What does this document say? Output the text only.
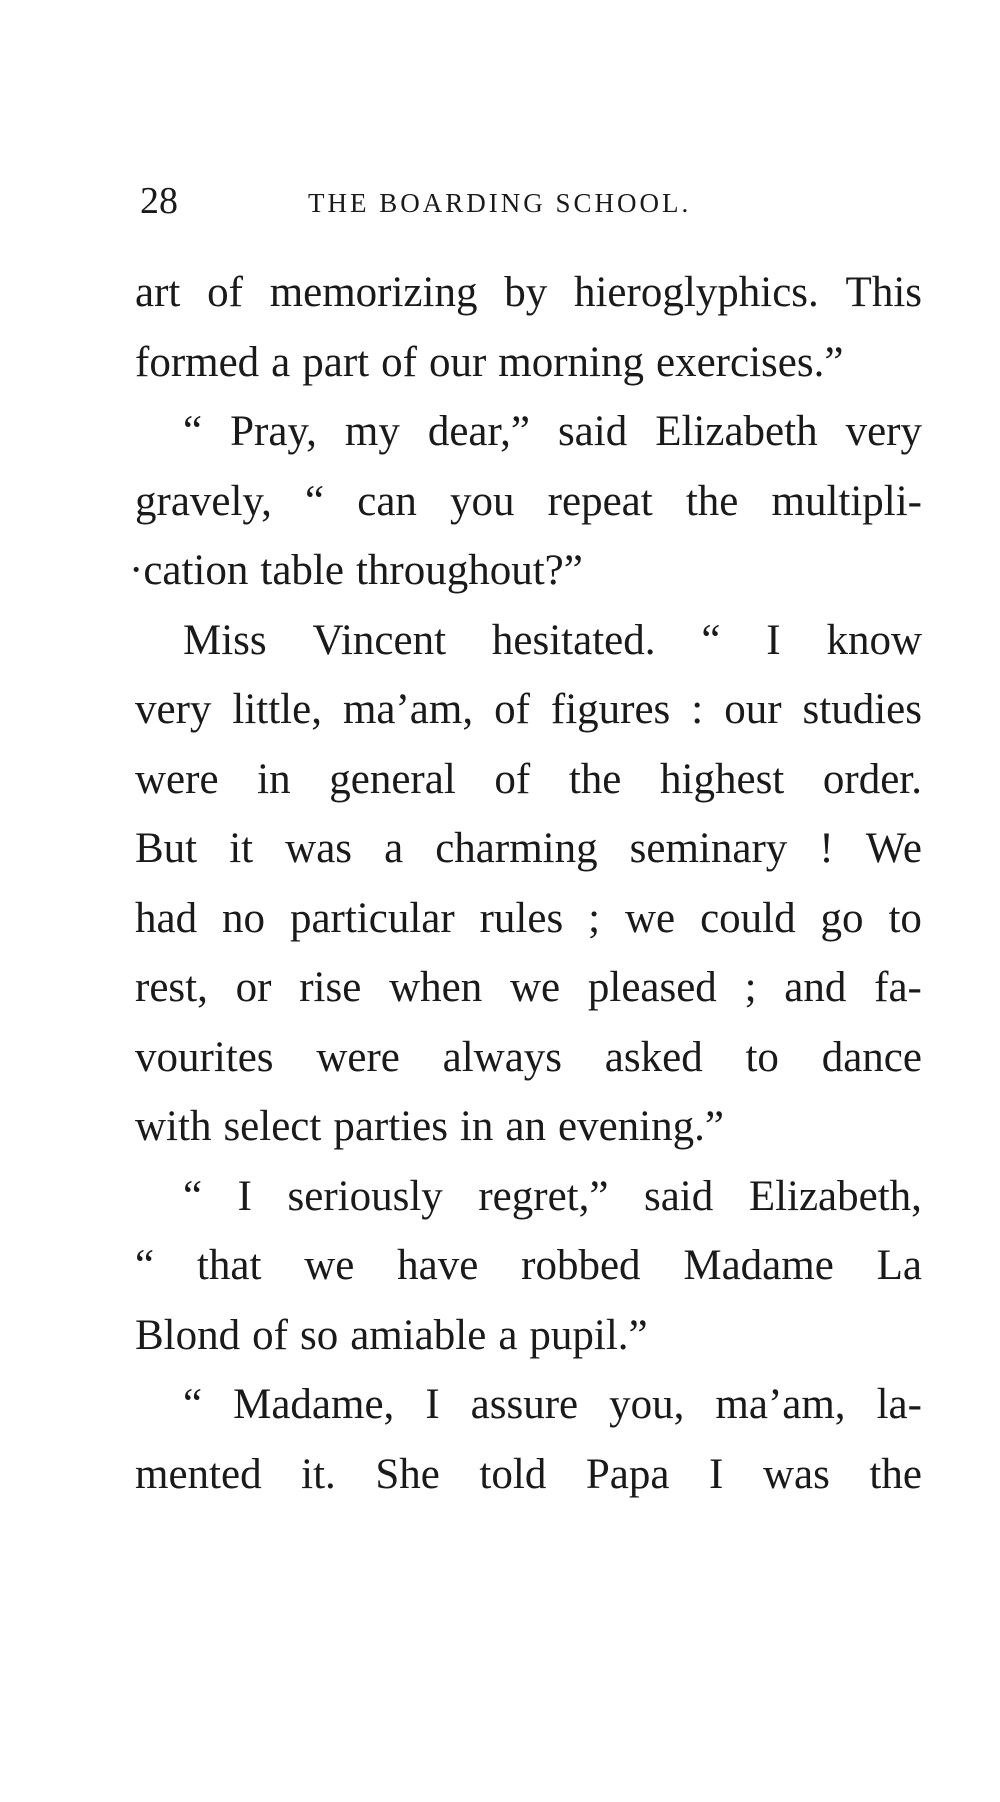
28	THE BOARDING SCHOOL.
art of memorizing by hieroglyphics. This
formed a part of our morning exercises.”
“ Pray, my dear,” said Elizabeth very
gravely, “ can you repeat the multipli-
·cation table throughout?”
Miss Vincent hesitated. “ I know
very little, ma’am, of figures : our studies
were in general of the highest order.
But it was a charming seminary ! We
had no particular rules ; we could go to
rest, or rise when we pleased ; and fa-
vourites were always asked to dance
with select parties in an evening.”
“ I seriously regret,” said Elizabeth,
“ that we have robbed Madame La
Blond of so amiable a pupil.”
“ Madame, I assure you, ma’am, la-
mented it. She told Papa I was the
